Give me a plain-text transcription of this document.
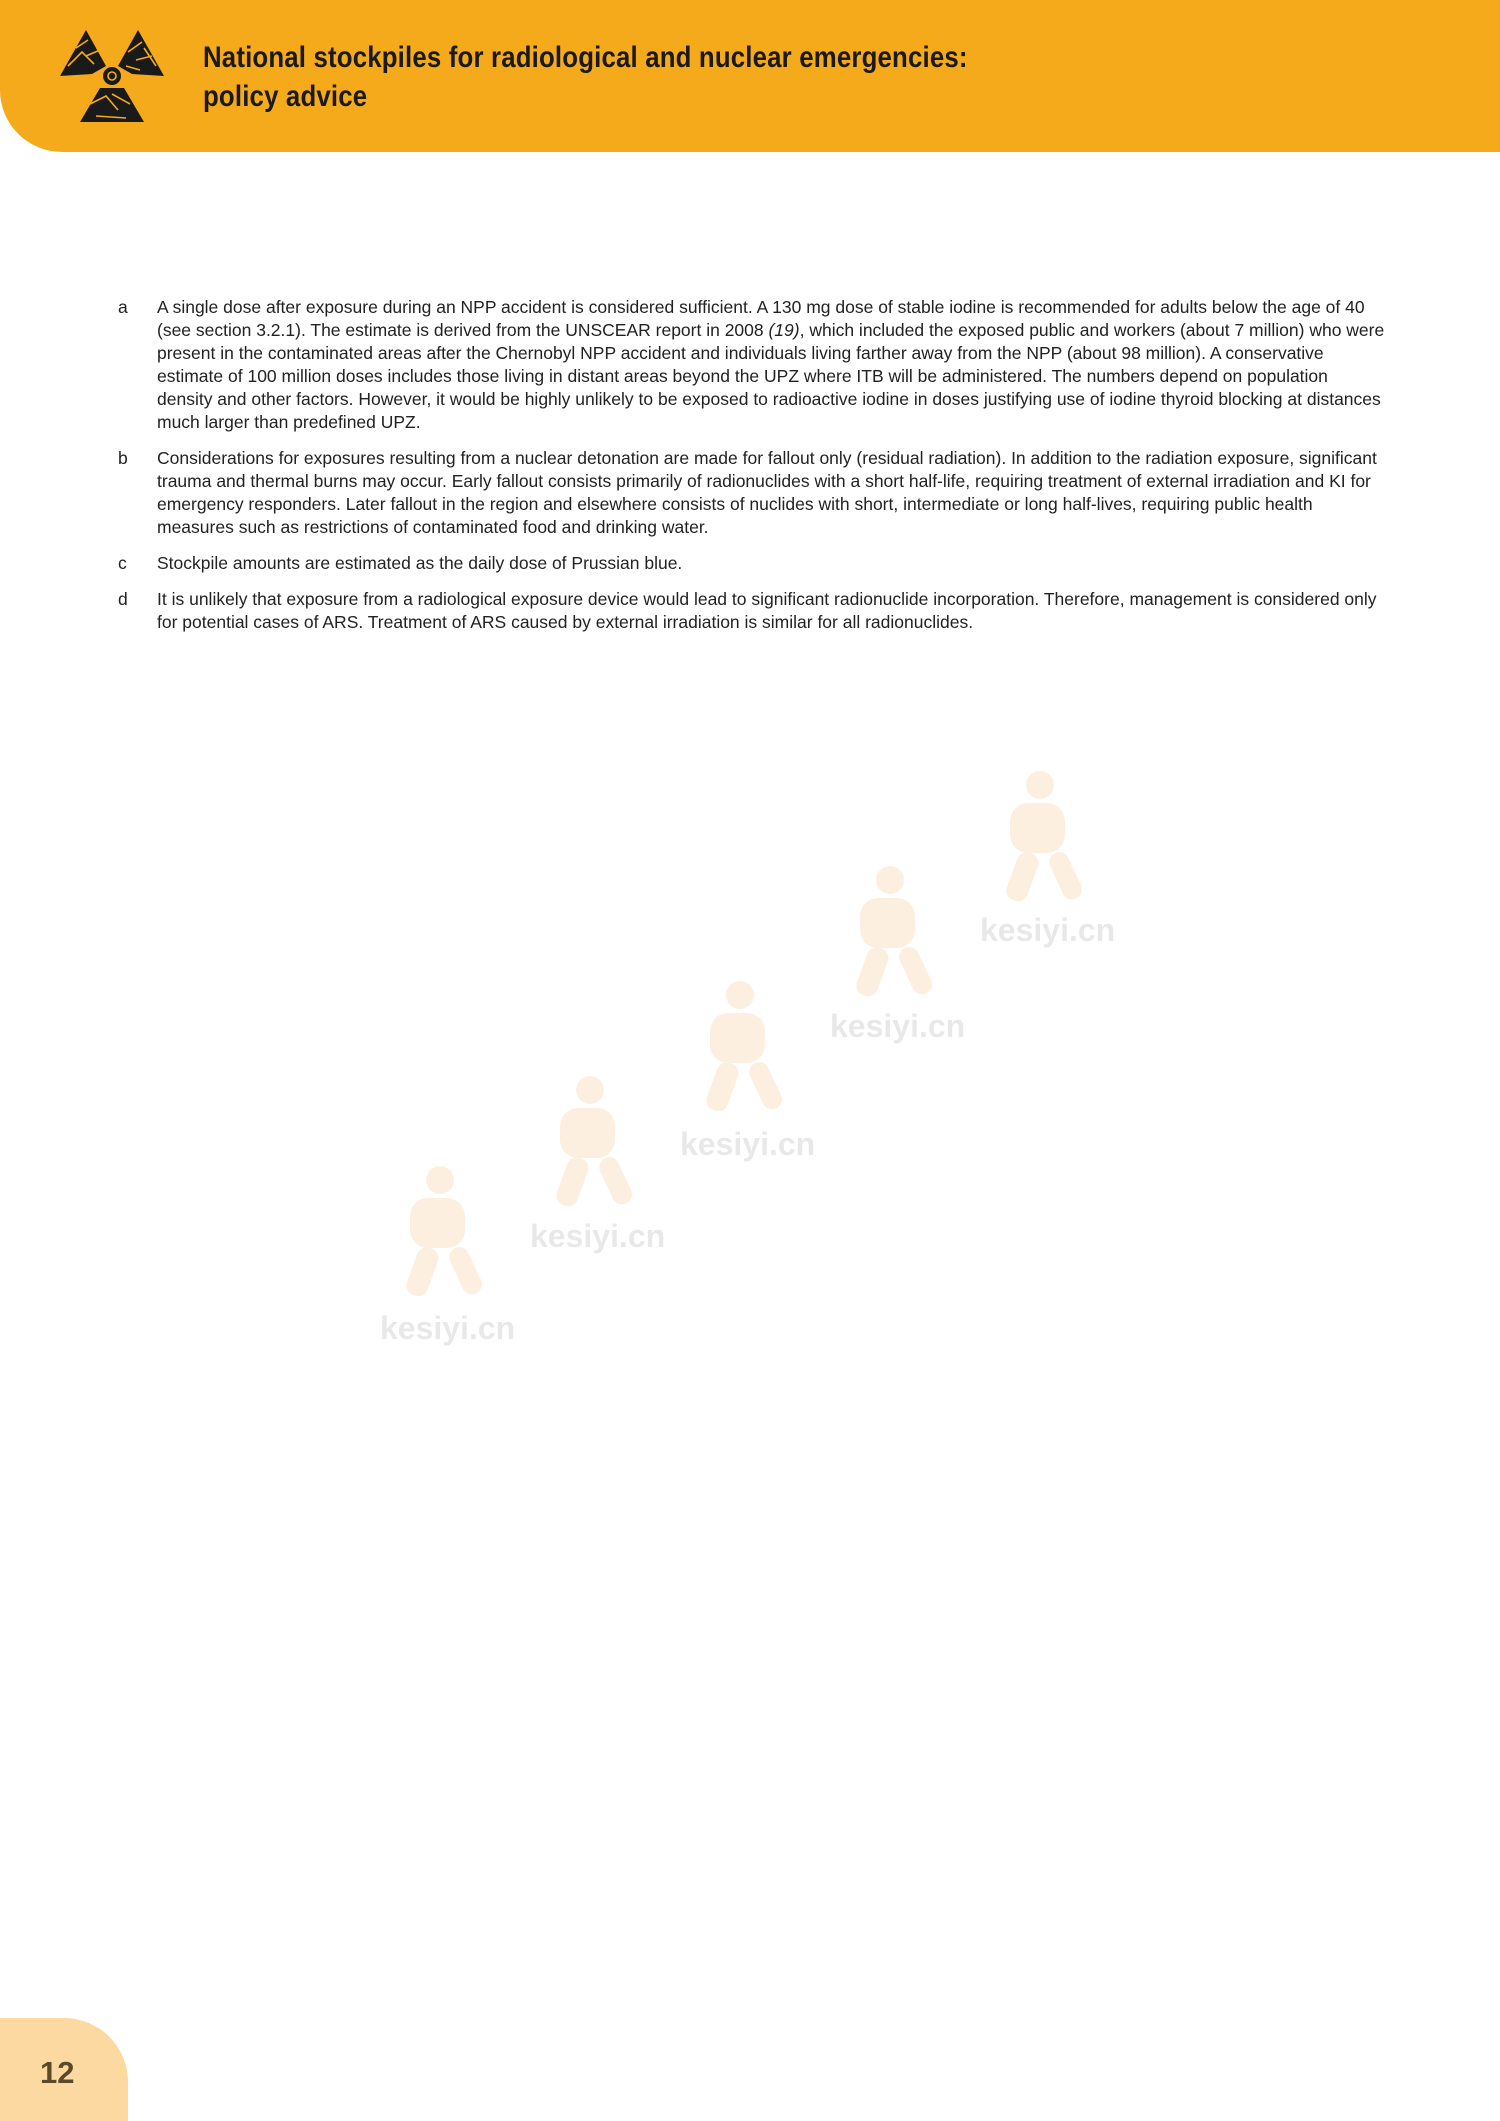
National stockpiles for radiological and nuclear emergencies:
policy advice
a	A single dose after exposure during an NPP accident is considered sufficient. A 130 mg dose of stable iodine is recommended for adults below the age of 40 (see section 3.2.1). The estimate is derived from the UNSCEAR report in 2008 (19), which included the exposed public and workers (about 7 million) who were present in the contaminated areas after the Chernobyl NPP accident and individuals living farther away from the NPP (about 98 million). A conservative estimate of 100 million doses includes those living in distant areas beyond the UPZ where ITB will be administered. The numbers depend on population density and other factors. However, it would be highly unlikely to be exposed to radioactive iodine in doses justifying use of iodine thyroid blocking at distances much larger than predefined UPZ.
b	Considerations for exposures resulting from a nuclear detonation are made for fallout only (residual radiation). In addition to the radiation exposure, significant trauma and thermal burns may occur. Early fallout consists primarily of radionuclides with a short half-life, requiring treatment of external irradiation and KI for emergency responders. Later fallout in the region and elsewhere consists of nuclides with short, intermediate or long half-lives, requiring public health measures such as restrictions of contaminated food and drinking water.
c	Stockpile amounts are estimated as the daily dose of Prussian blue.
d	It is unlikely that exposure from a radiological exposure device would lead to significant radionuclide incorporation. Therefore, management is considered only for potential cases of ARS. Treatment of ARS caused by external irradiation is similar for all radionuclides.
kesiyi.cn
kesiyi.cn
kesiyi.cn
kesiyi.cn
kesiyi.cn
12
